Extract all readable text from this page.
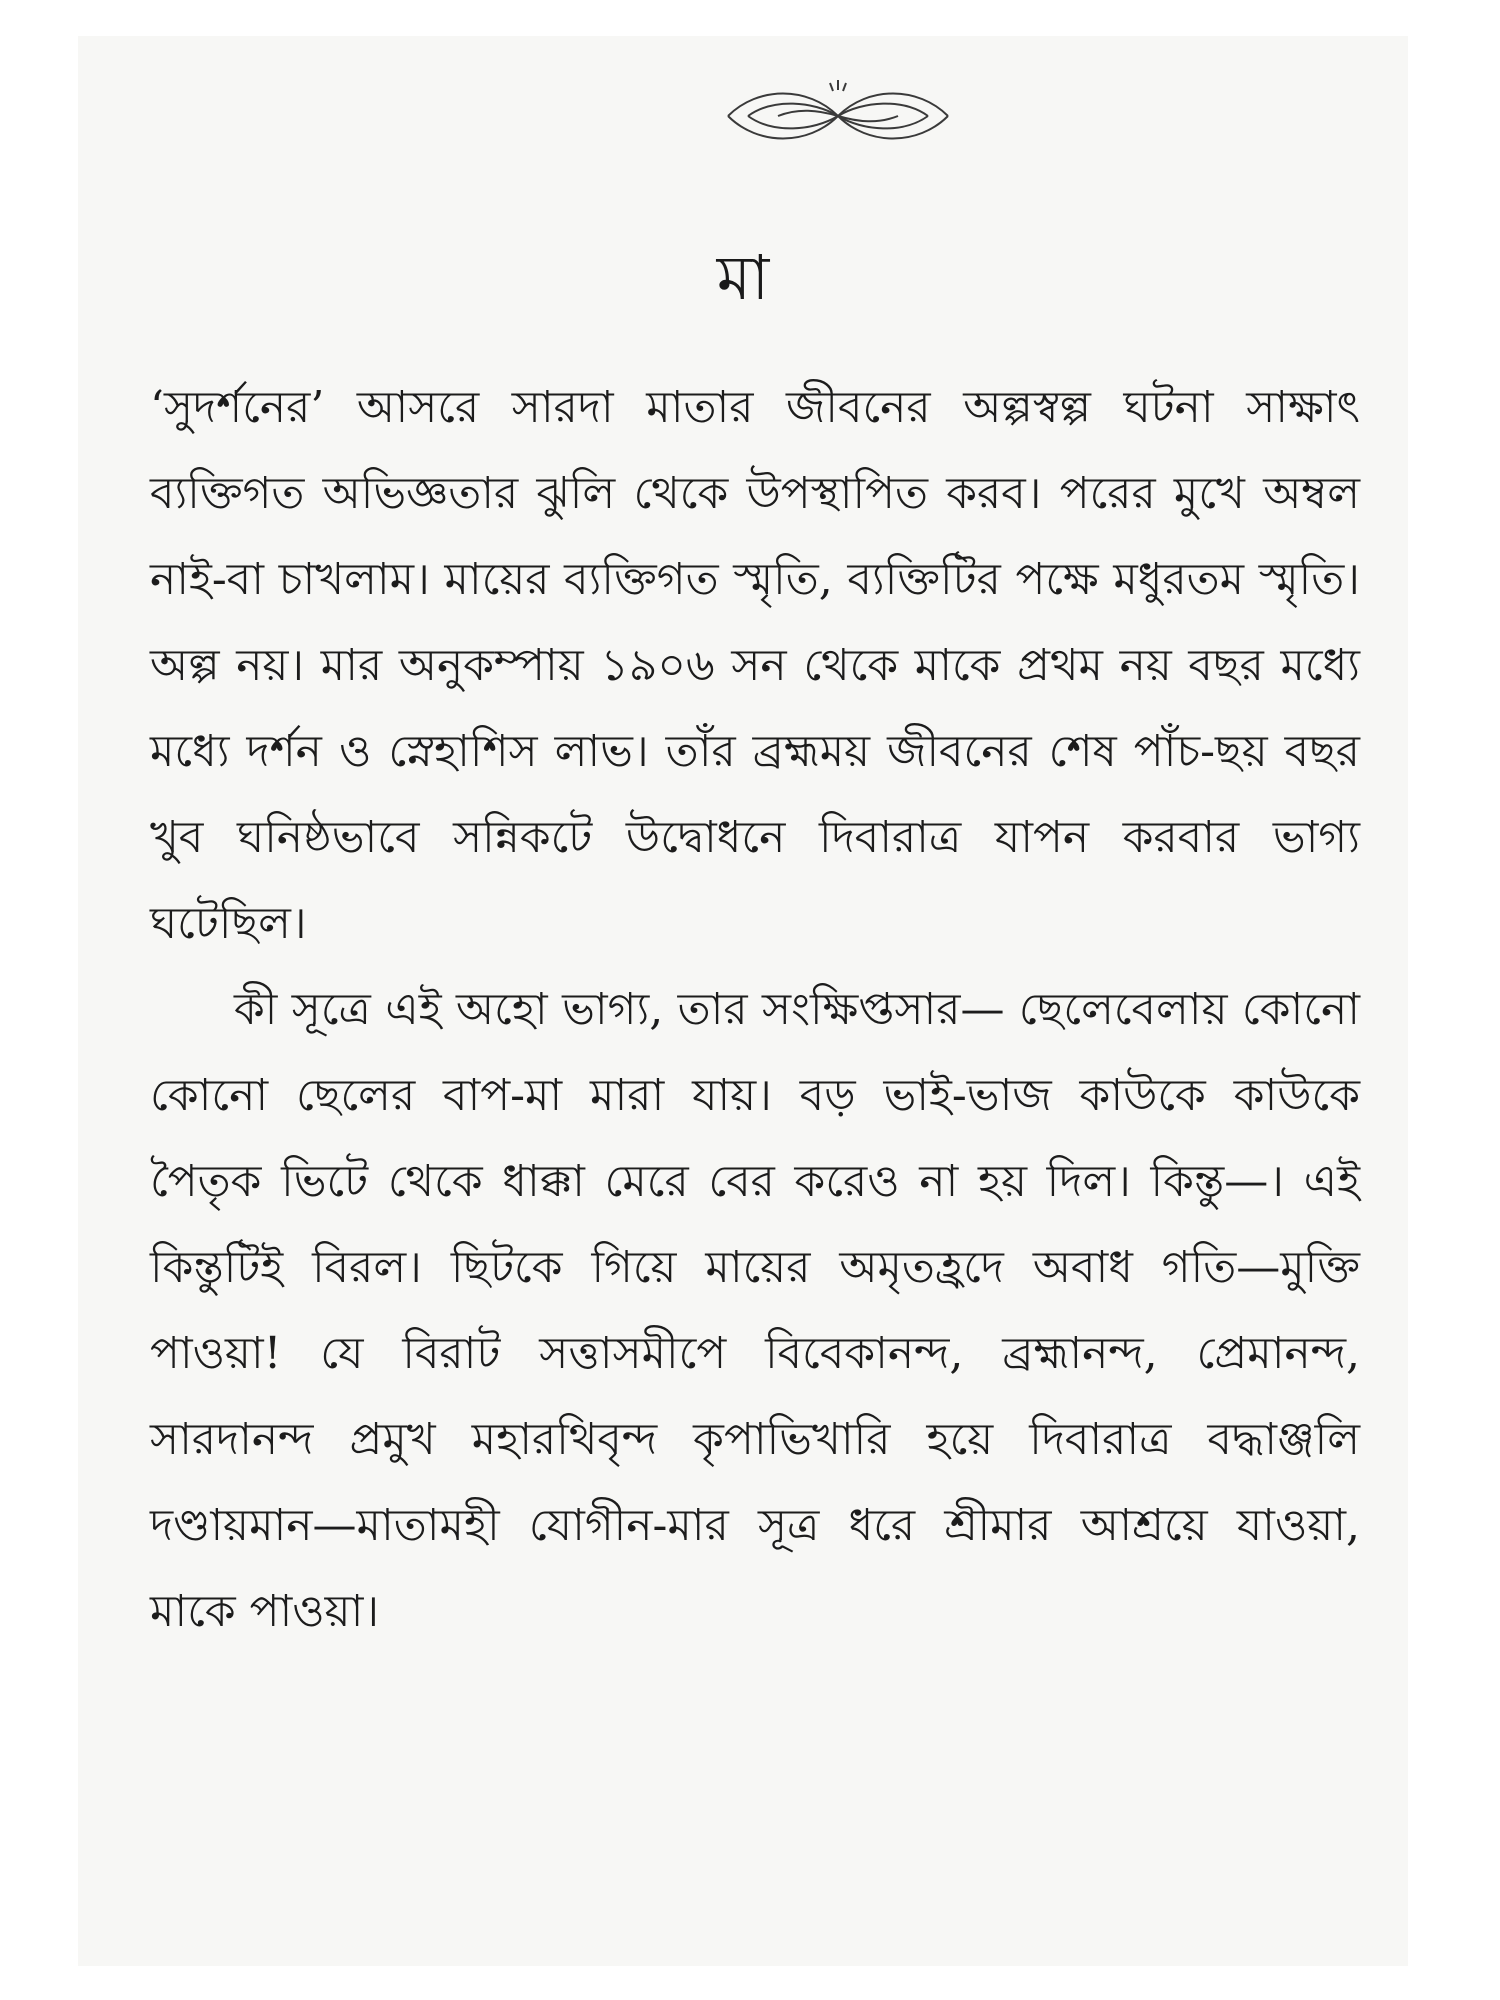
মা

‘সুদর্শনের’ আসরে সারদা মাতার জীবনের অল্পস্বল্প ঘটনা সাক্ষাৎ ব্যক্তিগত অভিজ্ঞতার ঝুলি থেকে উপস্থাপিত করব। পরের মুখে অম্বল নাই-বা চাখলাম। মায়ের ব্যক্তিগত স্মৃতি, ব্যক্তিটির পক্ষে মধুরতম স্মৃতি। অল্প নয়। মার অনুকম্পায় ১৯০৬ সন থেকে মাকে প্রথম নয় বছর মধ্যে মধ্যে দর্শন ও স্নেহাশিস লাভ। তাঁর ব্রহ্মময় জীবনের শেষ পাঁচ-ছয় বছর খুব ঘনিষ্ঠভাবে সন্নিকটে উদ্বোধনে দিবারাত্র যাপন করবার ভাগ্য ঘটেছিল।

কী সূত্রে এই অহো ভাগ্য, তার সংক্ষিপ্তসার— ছেলেবেলায় কোনো কোনো ছেলের বাপ-মা মারা যায়। বড় ভাই-ভাজ কাউকে কাউকে পৈতৃক ভিটে থেকে ধাক্কা মেরে বের করেও না হয় দিল। কিন্তু—। এই কিন্তুটিই বিরল। ছিটকে গিয়ে মায়ের অমৃতহ্রদে অবাধ গতি—মুক্তি পাওয়া! যে বিরাট সত্তাসমীপে বিবেকানন্দ, ব্রহ্মানন্দ, প্রেমানন্দ, সারদানন্দ প্রমুখ মহারথিবৃন্দ কৃপাভিখারি হয়ে দিবারাত্র বদ্ধাঞ্জলি দণ্ডায়মান—মাতামহী যোগীন-মার সূত্র ধরে শ্রীমার আশ্রয়ে যাওয়া, মাকে পাওয়া।
